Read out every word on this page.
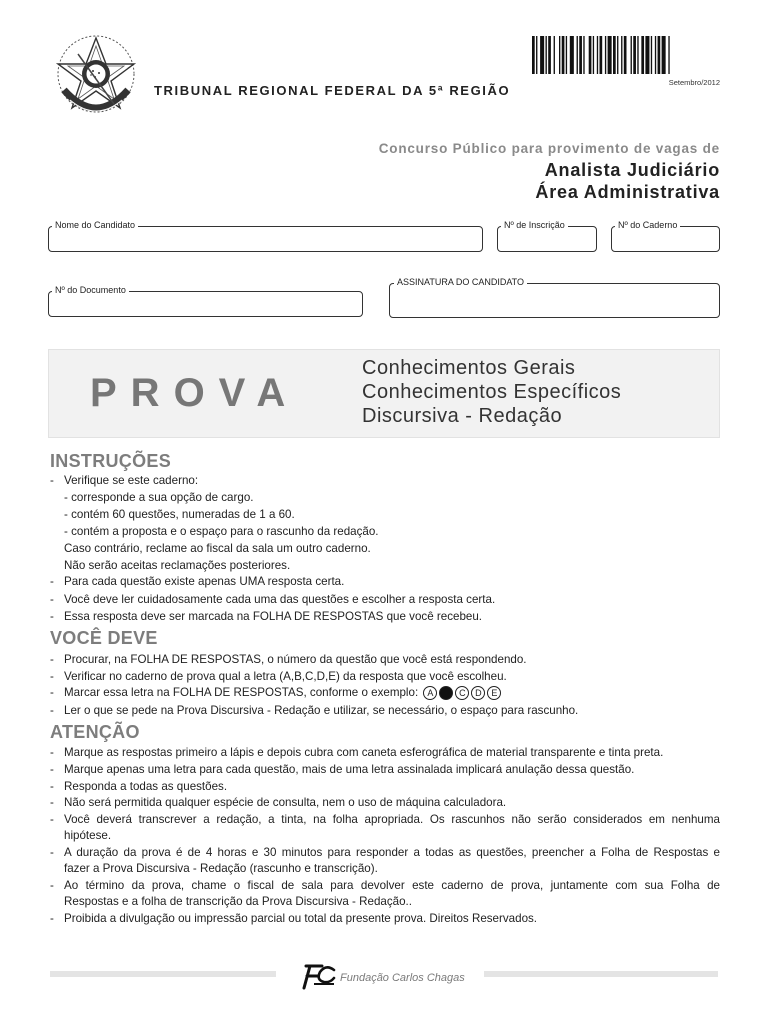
TRIBUNAL REGIONAL FEDERAL DA 5ª REGIÃO
Setembro/2012
Concurso Público para provimento de vagas de
Analista Judiciário
Área Administrativa
Nome do Candidato	Nº de Inscrição	Nº do Caderno
Nº do Documento
ASSINATURA DO CANDIDATO
PROVA
Conhecimentos Gerais
Conhecimentos Específicos
Discursiva - Redação
INSTRUÇÕES
- Verifique se este caderno:
- corresponde a sua opção de cargo.
- contém 60 questões, numeradas de 1 a 60.
- contém a proposta e o espaço para o rascunho da redação.
Caso contrário, reclame ao fiscal da sala um outro caderno.
Não serão aceitas reclamações posteriores.
- Para cada questão existe apenas UMA resposta certa.
- Você deve ler cuidadosamente cada uma das questões e escolher a resposta certa.
- Essa resposta deve ser marcada na FOLHA DE RESPOSTAS que você recebeu.
VOCÊ DEVE
- Procurar, na FOLHA DE RESPOSTAS, o número da questão que você está respondendo.
- Verificar no caderno de prova qual a letra (A,B,C,D,E) da resposta que você escolheu.
- Marcar essa letra na FOLHA DE RESPOSTAS, conforme o exemplo: A	C D E
- Ler o que se pede na Prova Discursiva - Redação e utilizar, se necessário, o espaço para rascunho.
ATENÇÃO
- Marque as respostas primeiro a lápis e depois cubra com caneta esferográfica de material transparente e tinta preta.
- Marque apenas uma letra para cada questão, mais de uma letra assinalada implicará anulação dessa questão.
- Responda a todas as questões.
- Não será permitida qualquer espécie de consulta, nem o uso de máquina calculadora.
- Você deverá transcrever a redação, a tinta, na folha apropriada. Os rascunhos não serão considerados em nenhuma
hipótese.
- A duração da prova é de 4 horas e 30 minutos para responder a todas as questões, preencher a Folha de Respostas e
fazer a Prova Discursiva - Redação (rascunho e transcrição).
- Ao término da prova, chame o fiscal de sala para devolver este caderno de prova, juntamente com sua Folha de
Respostas e a folha de transcrição da Prova Discursiva - Redação..
- Proibida a divulgação ou impressão parcial ou total da presente prova. Direitos Reservados.
Fundação Carlos Chagas
